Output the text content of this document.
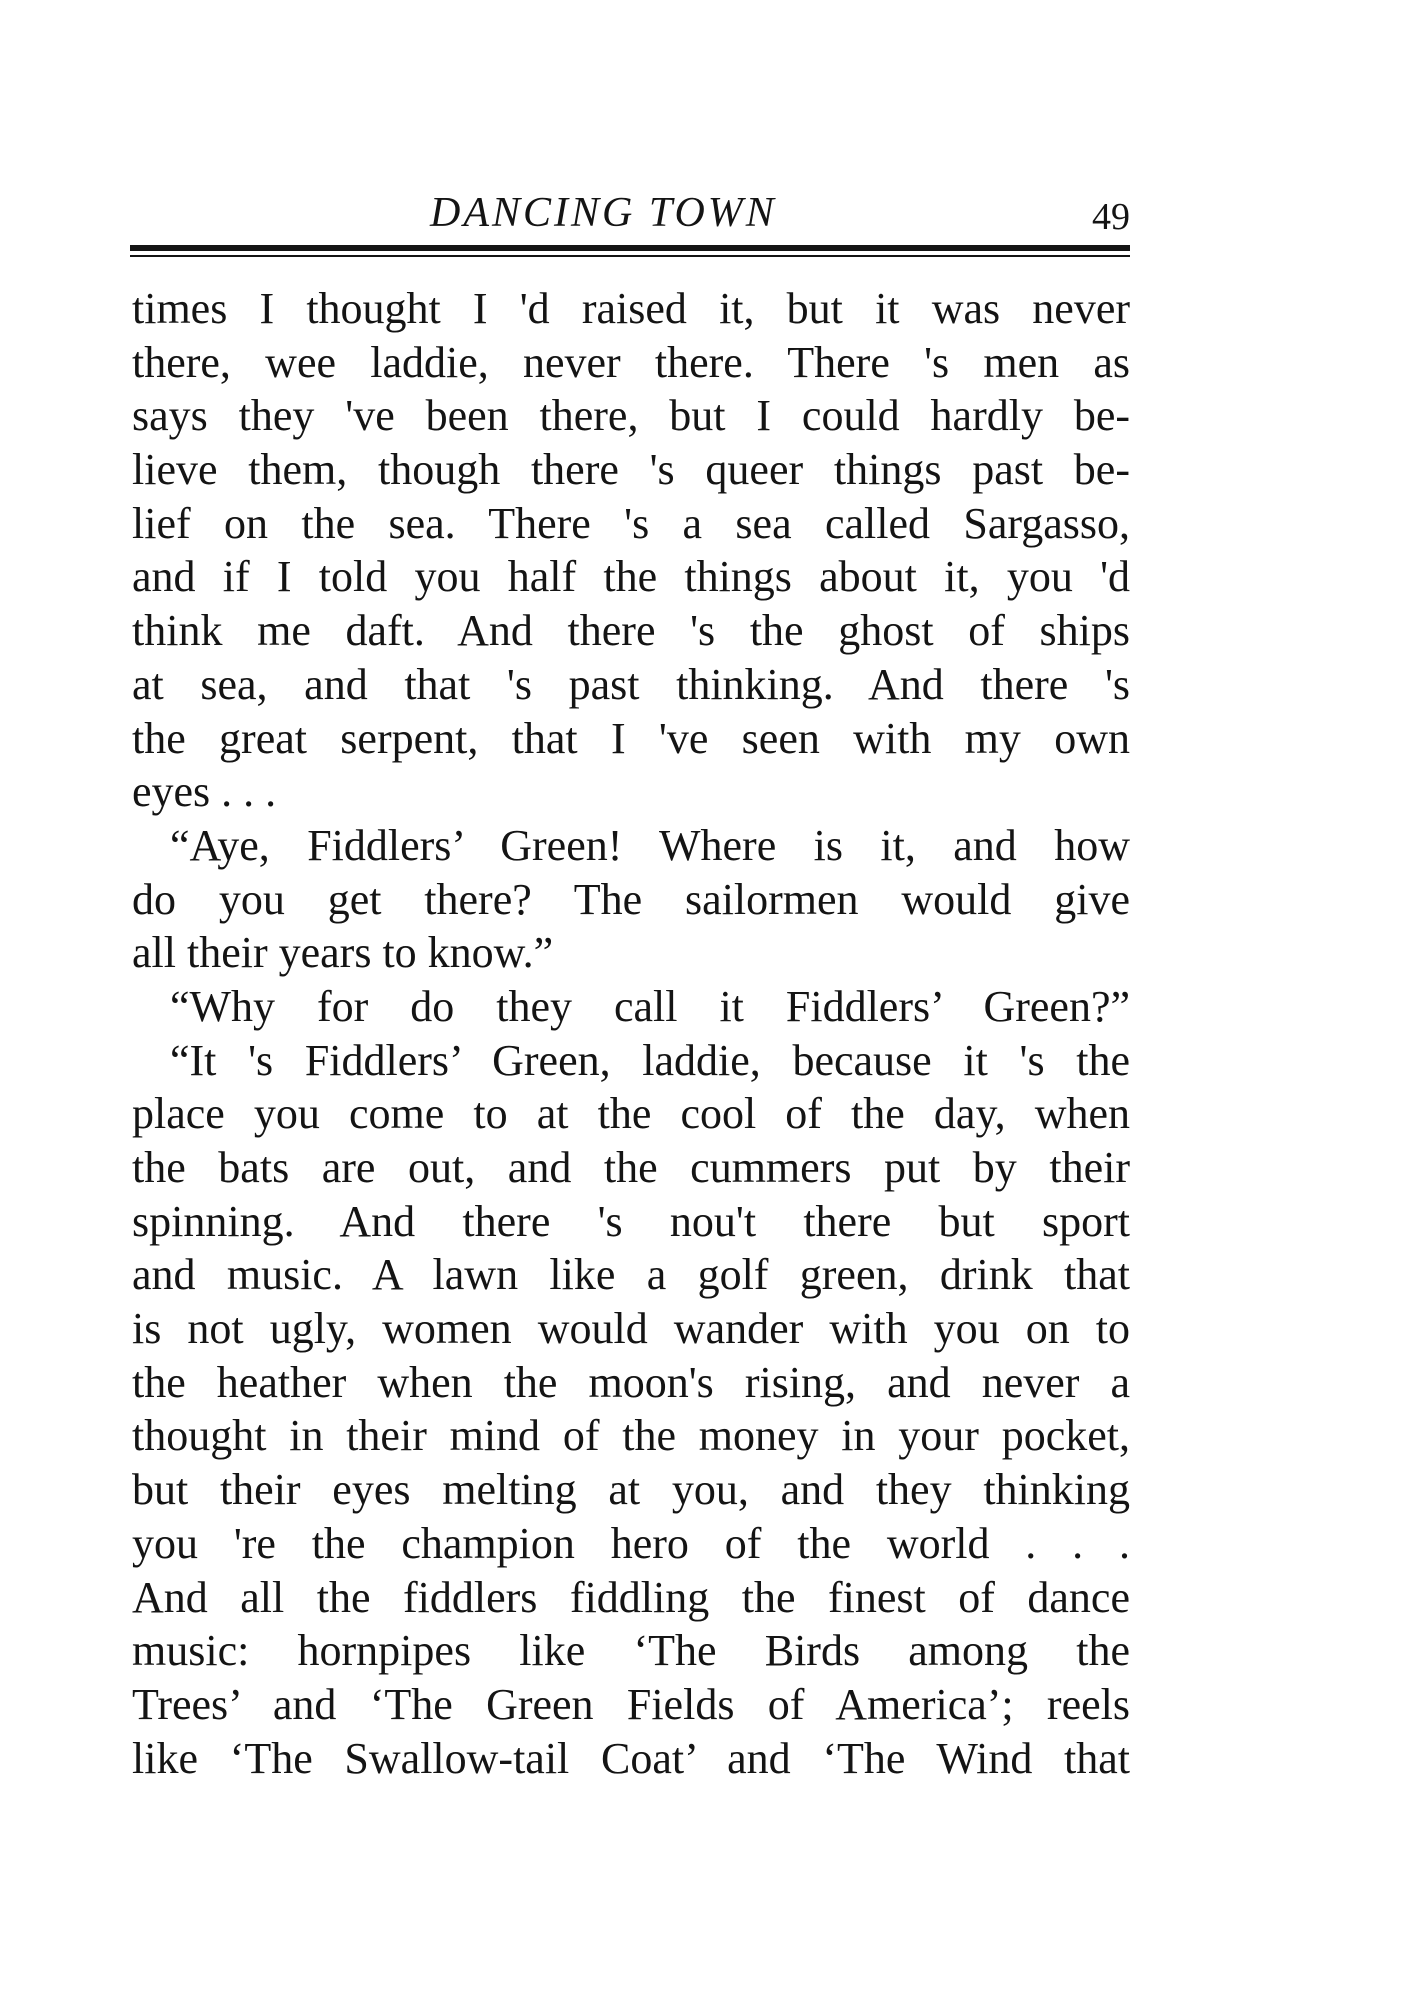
DANCING TOWN	49
times I thought I 'd raised it, but it was never
there, wee laddie, never there. There 's men as
says they 've been there, but I could hardly be-
lieve them, though there 's queer things past be-
lief on the sea. There 's a sea called Sargasso,
and if I told you half the things about it, you 'd
think me daft. And there 's the ghost of ships
at sea, and that 's past thinking. And there 's
the great serpent, that I 've seen with my own
eyes . . .
“Aye, Fiddlers’ Green! Where is it, and how
do you get there? The sailormen would give
all their years to know.”
“Why for do they call it Fiddlers’ Green?”
“It 's Fiddlers’ Green, laddie, because it 's the
place you come to at the cool of the day, when
the bats are out, and the cummers put by their
spinning. And there 's nou't there but sport
and music. A lawn like a golf green, drink that
is not ugly, women would wander with you on to
the heather when the moon's rising, and never a
thought in their mind of the money in your pocket,
but their eyes melting at you, and they thinking
you 're the champion hero of the world . . .
And all the fiddlers fiddling the finest of dance
music: hornpipes like ‘The Birds among the
Trees’ and ‘The Green Fields of America’; reels
like ‘The Swallow-tail Coat’ and ‘The Wind that
